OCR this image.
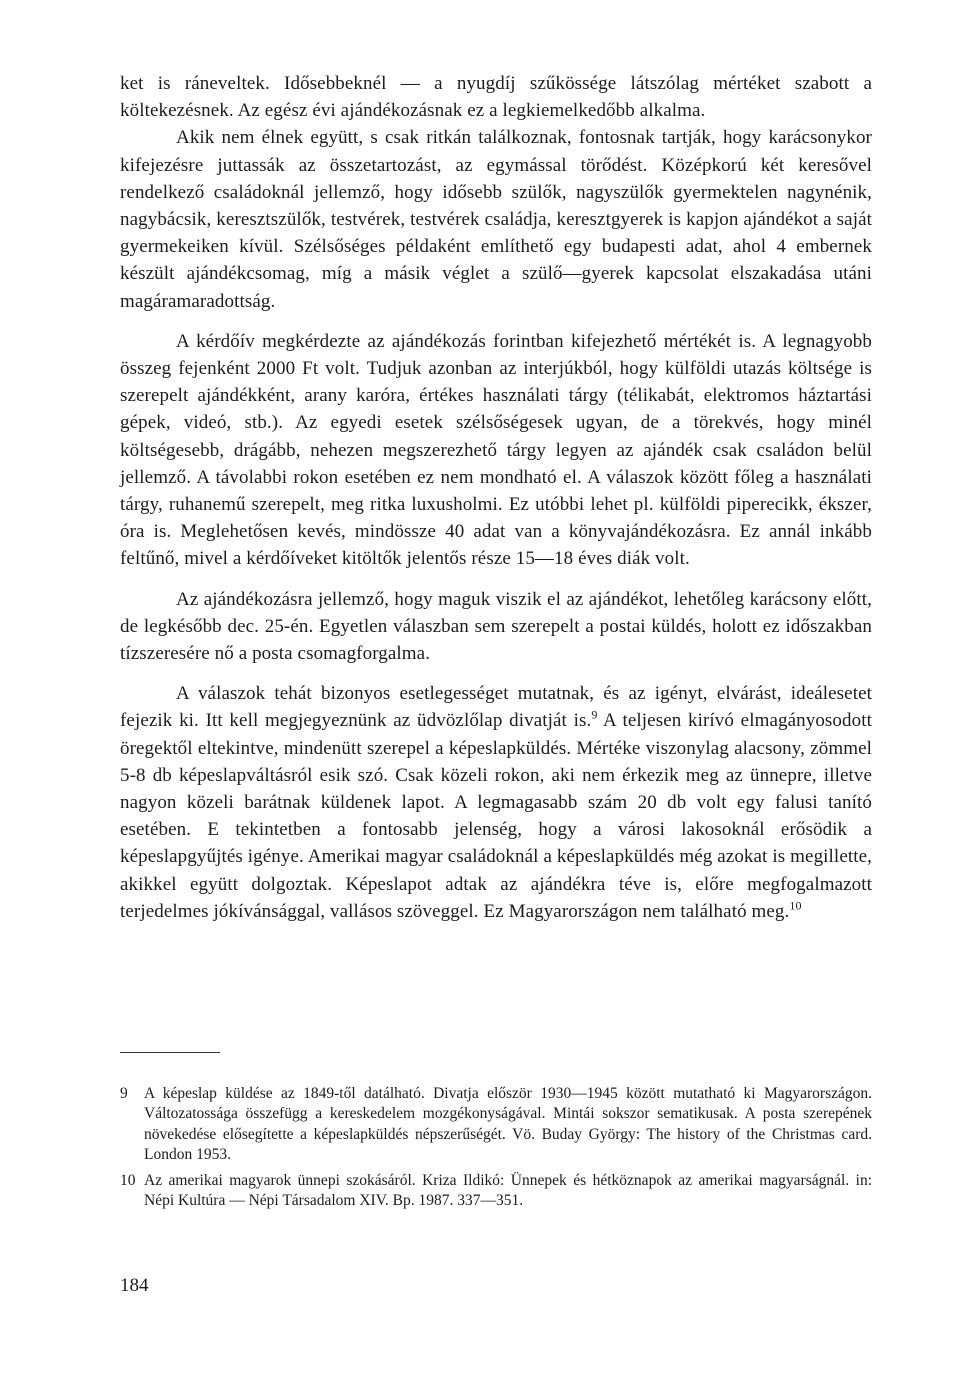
ket is ráneveltek. Idősebbeknél — a nyugdíj szűkössége látszólag mértéket szabott a költekezésnek. Az egész évi ajándékozásnak ez a legkiemelkedőbb alkalma.

Akik nem élnek együtt, s csak ritkán találkoznak, fontosnak tartják, hogy karácsonykor kifejezésre juttassák az összetartozást, az egymással törődést. Középkorú két keresővel rendelkező családoknál jellemző, hogy idősebb szülők, nagyszülők gyermektelen nagynénik, nagybácsik, keresztszülők, testvérek, testvérek családja, keresztgyerek is kapjon ajándékot a saját gyermekeiken kívül. Szélsőséges példaként említhető egy budapesti adat, ahol 4 embernek készült ajándékcsomag, míg a másik véglet a szülő—gyerek kapcsolat elszakadása utáni magáramaradottság.

A kérdőív megkérdezte az ajándékozás forintban kifejezhető mértékét is. A legnagyobb összeg fejenként 2000 Ft volt. Tudjuk azonban az interjúkból, hogy külföldi utazás költsége is szerepelt ajándékként, arany karóra, értékes használati tárgy (télikabát, elektromos háztartási gépek, videó, stb.). Az egyedi esetek szélsőségesek ugyan, de a törekvés, hogy minél költségesebb, drágább, nehezen megszerezhető tárgy legyen az ajándék csak családon belül jellemző. A távolabbi rokon esetében ez nem mondható el. A válaszok között főleg a használati tárgy, ruhanemű szerepelt, meg ritka luxusholmi. Ez utóbbi lehet pl. külföldi piperecikk, ékszer, óra is. Meglehetősen kevés, mindössze 40 adat van a könyvajándékozásra. Ez annál inkább feltűnő, mivel a kérdőíveket kitöltők jelentős része 15—18 éves diák volt.

Az ajándékozásra jellemző, hogy maguk viszik el az ajándékot, lehetőleg karácsony előtt, de legkésőbb dec. 25-én. Egyetlen válaszban sem szerepelt a postai küldés, holott ez időszakban tízszeresére nő a posta csomagforgalma.

A válaszok tehát bizonyos esetlegességet mutatnak, és az igényt, elvárást, ideálesetet fejezik ki. Itt kell megjegyeznünk az üdvözlőlap divatját is.$^9$ A teljesen kirívó elmagányosodott öregektől eltekintve, mindenütt szerepel a képeslapküldés. Mértéke viszonylag alacsony, zömmel 5-8 db képeslapváltásról esik szó. Csak közeli rokon, aki nem érkezik meg az ünnepre, illetve nagyon közeli barátnak küldenek lapot. A legmagasabb szám 20 db volt egy falusi tanító esetében. E tekintetben a fontosabb jelenség, hogy a városi lakosoknál erősödik a képeslapgyűjtés igénye. Amerikai magyar családoknál a képeslapküldés még azokat is megillette, akikkel együtt dolgoztak. Képeslapot adtak az ajándékra téve is, előre megfogalmazott terjedelmes jókívánsággal, vallásos szöveggel. Ez Magyarországon nem található meg.$^{10}$

9	A képeslap küldése az 1849-től datálható. Divatja először 1930—1945 között mutatható ki Magyarországon. Változatossága összefügg a kereskedelem mozgékonyságával. Mintái sokszor sematikusak. A posta szerepének növekedése elősegítette a képeslapküldés népszerűségét. Vö. Buday György: The history of the Christmas card. London 1953.
10 Az amerikai magyarok ünnepi szokásáról. Kriza Ildikó: Ünnepek és hétköznapok az amerikai magyarságnál. in: Népi Kultúra — Népi Társadalom XIV. Bp. 1987. 337—351.
184
